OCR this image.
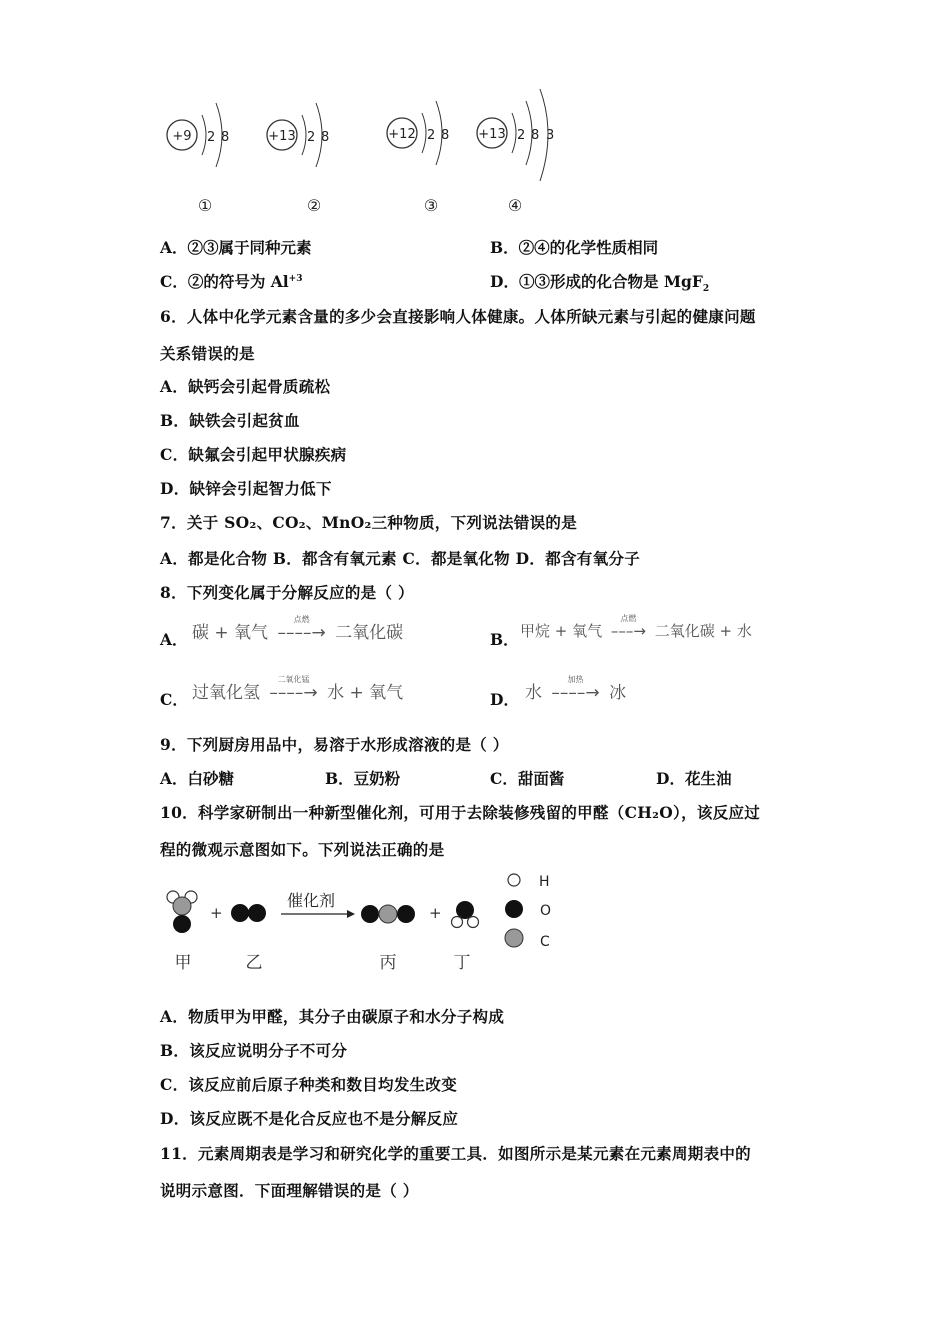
+9 2 8	+13 2 8	+12 2 8 +13 2 8 3
①	②	③	④
A．②③属于同种元素	B．②④的化学性质相同
C．②的符号为 $Al^{+3}$	D．①③形成的化合物是 MgF$_2$
6．人体中化学元素含量的多少会直接影响人体健康。人体所缺元素与引起的健康问题
关系错误的是
A．缺钙会引起骨质疏松
B．缺铁会引起贫血
C．缺氟会引起甲状腺疾病
D．缺锌会引起智力低下
7．关于 SO₂、CO₂、MnO₂三种物质，下列说法错误的是
A．都是化合物 B．都含有氧元素 C．都是氧化物 D．都含有氧分子
8．下列变化属于分解反应的是（ ）
A． 碳 + 氧气
点燃
––––→ 二氧化碳	B． 甲烷 + 氧气
点燃
–––→ 二氧化碳 + 水
C． 过氧化氢
二氧化锰
––––→ 水 + 氧气	D． 水
加热
––––→ 冰
9．下列厨房用品中，易溶于水形成溶液的是（ ）
A．白砂糖	B．豆奶粉	C．甜面酱	D．花生油
10．科学家研制出一种新型催化剂，可用于去除装修残留的甲醛（CH₂O），该反应过
程的微观示意图如下。下列说法正确的是
+
催化剂
+
H
O
C
甲	乙	丙	丁
A．物质甲为甲醛，其分子由碳原子和水分子构成
B．该反应说明分子不可分
C．该反应前后原子种类和数目均发生改变
D．该反应既不是化合反应也不是分解反应
11．元素周期表是学习和研究化学的重要工具．如图所示是某元素在元素周期表中的
说明示意图．下面理解错误的是（ ）
